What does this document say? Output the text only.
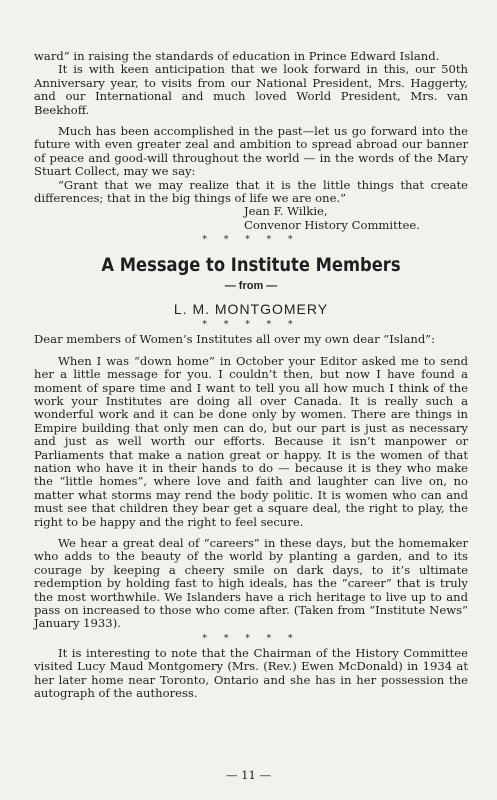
ward” in raising the standards of education in Prince Edward Island.

It is with keen anticipation that we look forward in this, our 50th Anniversary year, to visits from our National President, Mrs. Haggerty, and our International and much loved World President, Mrs. van Beekhoff.

Much has been accomplished in the past—let us go forward into the future with even greater zeal and ambition to spread abroad our banner of peace and good-will throughout the world — in the words of the Mary Stuart Collect, may we say:

“Grant that we may realize that it is the little things that create differences; that in the big things of life we are one.”

Jean F. Wilkie,

Convenor History Committee.

* * * * *
A Message to Institute Members
— from —
L. M. MONTGOMERY
* * * * *

Dear members of Women’s Institutes all over my own dear “Island”:

When I was “down home” in October your Editor asked me to send her a little message for you. I couldn’t then, but now I have found a moment of spare time and I want to tell you all how much I think of the work your Institutes are doing all over Canada. It is really such a wonderful work and it can be done only by women. There are things in Empire building that only men can do, but our part is just as necessary and just as well worth our efforts. Because it isn’t manpower or Parliaments that make a nation great or happy. It is the women of that nation who have it in their hands to do — because it is they who make the “little homes”, where love and faith and laughter can live on, no matter what storms may rend the body politic. It is women who can and must see that children they bear get a square deal, the right to play, the right to be happy and the right to feel secure.

We hear a great deal of “careers” in these days, but the homemaker who adds to the beauty of the world by planting a garden, and to its courage by keeping a cheery smile on dark days, to it’s ultimate redemption by holding fast to high ideals, has the “career” that is truly the most worthwhile. We Islanders have a rich heritage to live up to and pass on increased to those who come after. (Taken from “Institute News” January 1933).

* * * * *

It is interesting to note that the Chairman of the History Committee visited Lucy Maud Montgomery (Mrs. (Rev.) Ewen McDonald) in 1934 at her later home near Toronto, Ontario and she has in her possession the autograph of the authoress.

— 11 —
